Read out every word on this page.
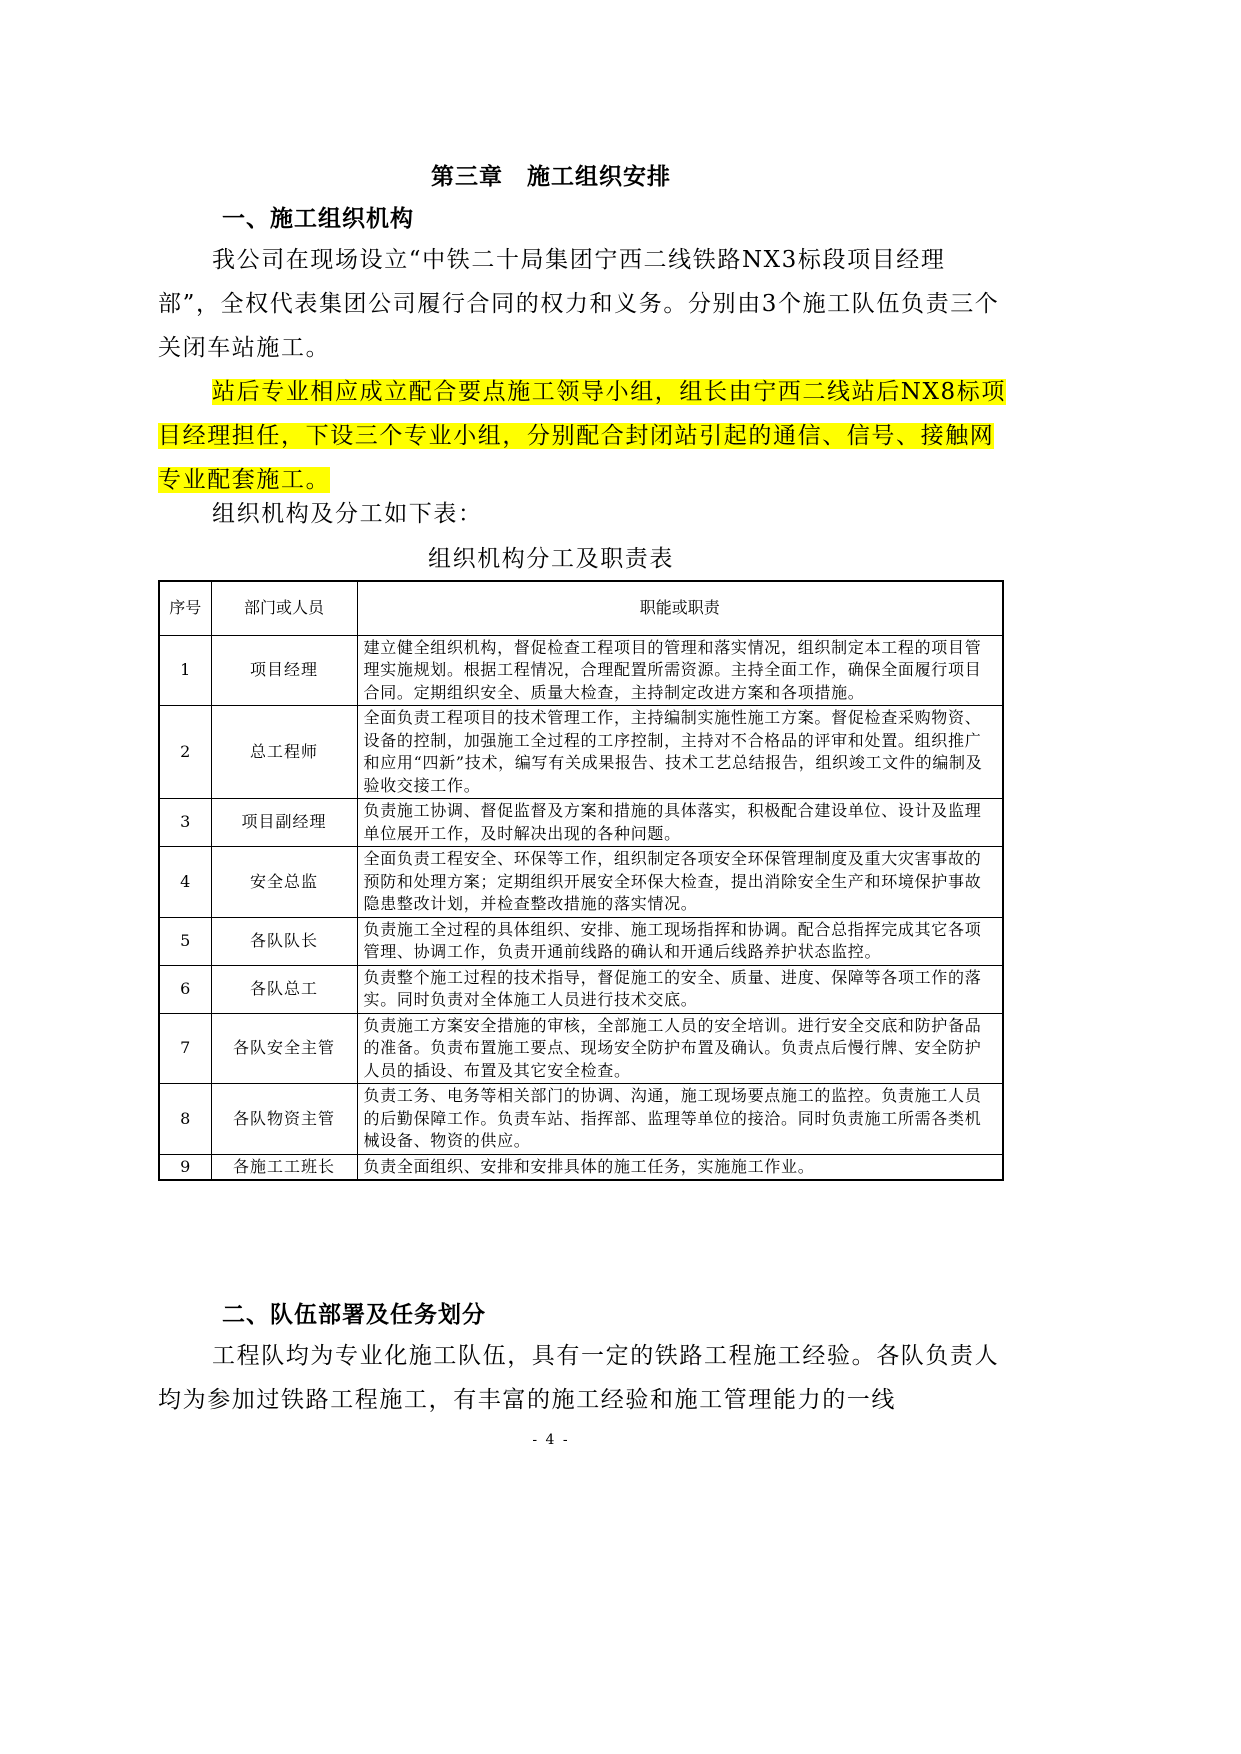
第三章　施工组织安排
一、施工组织机构

我公司在现场设立“中铁二十局集团宁西二线铁路NX3标段项目经理部”，全权代表集团公司履行合同的权力和义务。分别由3个施工队伍负责三个关闭车站施工。

站后专业相应成立配合要点施工领导小组，组长由宁西二线站后NX8标项目经理担任，下设三个专业小组，分别配合封闭站引起的通信、信号、接触网专业配套施工。

组织机构及分工如下表：

组织机构分工及职责表
序号	部门或人员	职能或职责
1	项目经理	建立健全组织机构，督促检查工程项目的管理和落实情况，组织制定本工程的项目管理实施规划。根据工程情况，合理配置所需资源。主持全面工作，确保全面履行项目合同。定期组织安全、质量大检查，主持制定改进方案和各项措施。
2	总工程师	全面负责工程项目的技术管理工作，主持编制实施性施工方案。督促检查采购物资、设备的控制，加强施工全过程的工序控制，主持对不合格品的评审和处置。组织推广和应用“四新”技术，编写有关成果报告、技术工艺总结报告，组织竣工文件的编制及验收交接工作。
3	项目副经理	负责施工协调、督促监督及方案和措施的具体落实，积极配合建设单位、设计及监理单位展开工作，及时解决出现的各种问题。
4	安全总监	全面负责工程安全、环保等工作，组织制定各项安全环保管理制度及重大灾害事故的预防和处理方案；定期组织开展安全环保大检查，提出消除安全生产和环境保护事故隐患整改计划，并检查整改措施的落实情况。
5	各队队长	负责施工全过程的具体组织、安排、施工现场指挥和协调。配合总指挥完成其它各项管理、协调工作，负责开通前线路的确认和开通后线路养护状态监控。
6	各队总工	负责整个施工过程的技术指导，督促施工的安全、质量、进度、保障等各项工作的落实。同时负责对全体施工人员进行技术交底。
7	各队安全主管	负责施工方案安全措施的审核，全部施工人员的安全培训。进行安全交底和防护备品的准备。负责布置施工要点、现场安全防护布置及确认。负责点后慢行牌、安全防护人员的插设、布置及其它安全检查。
8	各队物资主管	负责工务、电务等相关部门的协调、沟通，施工现场要点施工的监控。负责施工人员的后勤保障工作。负责车站、指挥部、监理等单位的接洽。同时负责施工所需各类机械设备、物资的供应。
9	各施工工班长	负责全面组织、安排和安排具体的施工任务，实施施工作业。
二、队伍部署及任务划分

工程队均为专业化施工队伍，具有一定的铁路工程施工经验。各队负责人均为参加过铁路工程施工，有丰富的施工经验和施工管理能力的一线

- 4 -
